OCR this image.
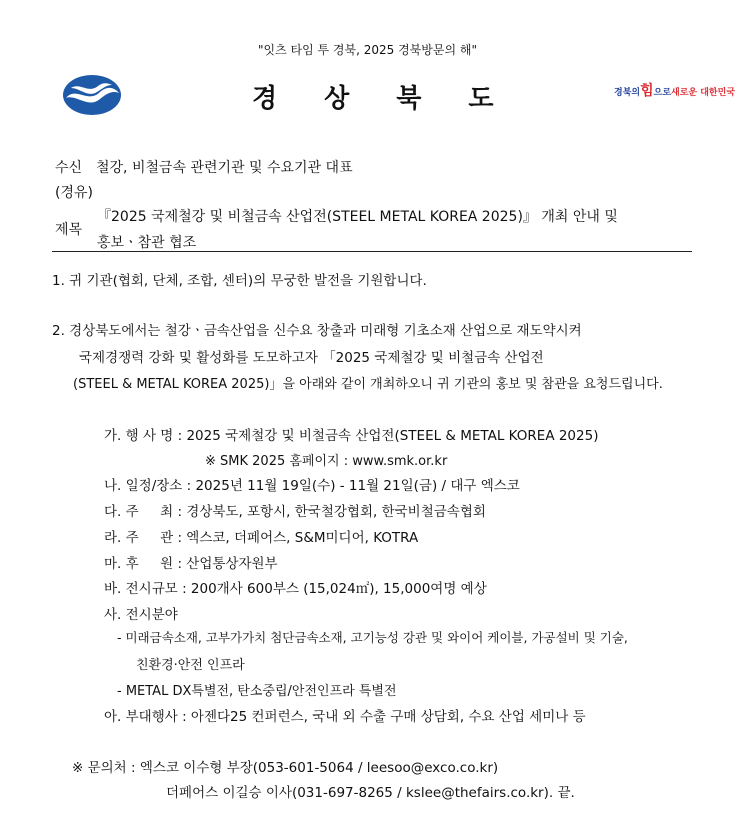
"잇츠 타임 투 경북, 2025 경북방문의 해"
경상북도	경북의힘으로새로운 대한민국
수신 철강, 비철금속 관련기관 및 수요기관 대표
(경유)
제목
『2025 국제철강 및 비철금속 산업전(STEEL METAL KOREA 2025)』 개최 안내 및
홍보ㆍ참관 협조
1. 귀 기관(협회, 단체, 조합, 센터)의 무궁한 발전을 기원합니다.
2. 경상북도에서는 철강ㆍ금속산업을 신수요 창출과 미래형 기초소재 산업으로 재도약시켜
국제경쟁력 강화 및 활성화를 도모하고자 「2025 국제철강 및 비철금속 산업전
(STEEL & METAL KOREA 2025)」을 아래와 같이 개최하오니 귀 기관의 홍보 및 참관을 요청드립니다.
가. 행 사 명 : 2025 국제철강 및 비철금속 산업전(STEEL & METAL KOREA 2025)
※ SMK 2025 홈페이지 : www.smk.or.kr
나. 일정/장소 : 2025년 11월 19일(수) - 11월 21일(금) / 대구 엑스코
다. 주     최 : 경상북도, 포항시, 한국철강협회, 한국비철금속협회
라. 주     관 : 엑스코, 더페어스, S&M미디어, KOTRA
마. 후     원 : 산업통상자원부
바. 전시규모 : 200개사 600부스 (15,024㎡), 15,000여명 예상
사. 전시분야
- 미래금속소재, 고부가가치 첨단금속소재, 고기능성 강관 및 와이어 케이블, 가공설비 및 기술,
친환경·안전 인프라
- METAL DX특별전, 탄소중립/안전인프라 특별전
아. 부대행사 : 아젠다25 컨퍼런스, 국내 외 수출 구매 상담회, 수요 산업 세미나 등
※ 문의처 : 엑스코 이수형 부장(053-601-5064 / leesoo@exco.co.kr)
더페어스 이길승 이사(031-697-8265 / kslee@thefairs.co.kr). 끝.
